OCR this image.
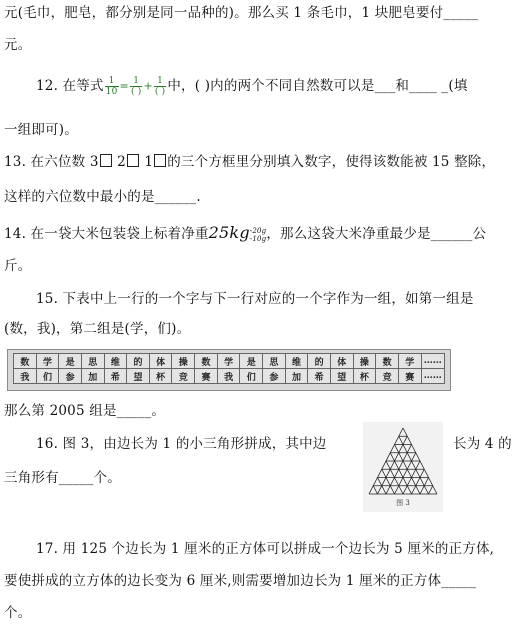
元(毛巾，肥皂，都分别是同一品种的)。那么买 1 条毛巾，1 块肥皂要付_____
元。
12. 在等式 $\frac{1}{10} = \frac{1}{( )} + \frac{1}{( )}$ 中，( )内的两个不同自然数可以是___和____ _(填
一组即可)。
13. 在六位数 3 2 1 的三个方框里分别填入数字，使得该数能被 15 整除，
这样的六位数中最小的是______.
14. 在一袋大米包装袋上标着净重25kg -20g
-10g ，那么这袋大米净重最少是______公
斤。
15. 下表中上一行的一个字与下一行对应的一个字作为一组，如第一组是
(数，我)，第二组是(学，们)。
数	学	是	思	维	的	体	操	数	学	是	思	维	的	体	操	数	学	……
我	们	参	加	希	望	杯	竞	赛	我	们	参	加	希	望	杯	竞	赛	……
那么第 2005 组是_____。
16. 图 3，由边长为 1 的小三角形拼成，其中边	长为 4 的
三角形有_____个。
图 3
17. 用 125 个边长为 1 厘米的正方体可以拼成一个边长为 5 厘米的正方体,
要使拼成的立方体的边长变为 6 厘米,则需要增加边长为 1 厘米的正方体_____
个。
